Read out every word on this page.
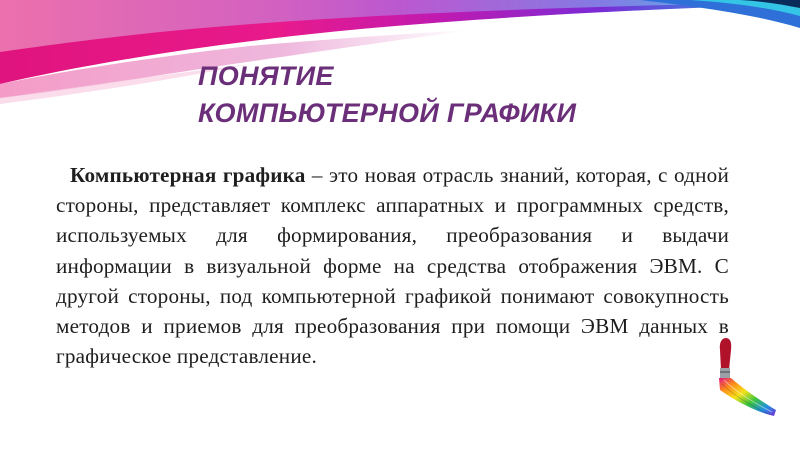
ПОНЯТИЕ
КОМПЬЮТЕРНОЙ ГРАФИКИ

Компьютерная графика – это новая отрасль знаний, которая, с одной стороны, представляет комплекс аппаратных и программных средств, используемых для формирования, преобразования и выдачи информации в визуальной форме на средства отображения ЭВМ. С другой стороны, под компьютерной графикой понимают совокупность методов и приемов для преобразования при помощи ЭВМ данных в графическое представление.
